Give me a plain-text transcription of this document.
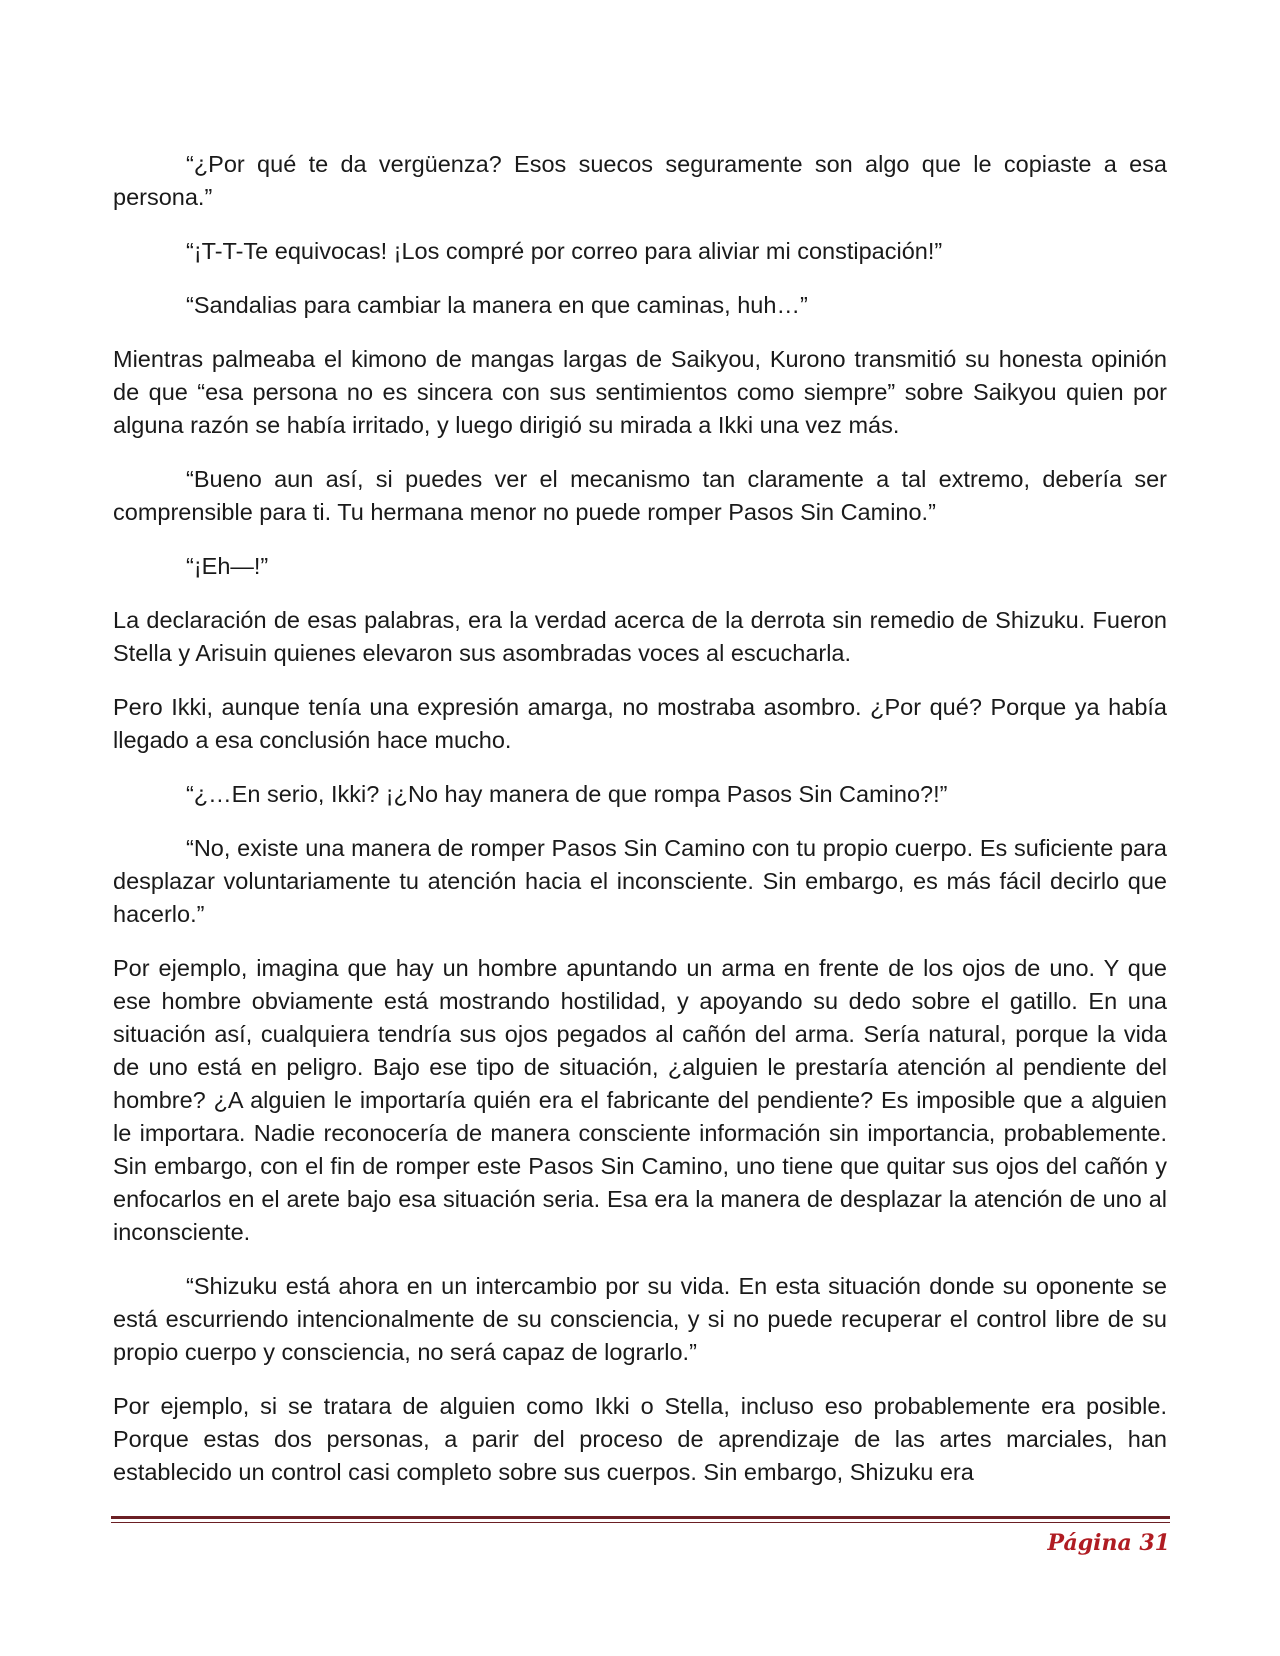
“¿Por qué te da vergüenza? Esos suecos seguramente son algo que le copiaste a esa persona.”

“¡T-T-Te equivocas! ¡Los compré por correo para aliviar mi constipación!”

“Sandalias para cambiar la manera en que caminas, huh…”

Mientras palmeaba el kimono de mangas largas de Saikyou, Kurono transmitió su honesta opinión de que “esa persona no es sincera con sus sentimientos como siempre” sobre Saikyou quien por alguna razón se había irritado, y luego dirigió su mirada a Ikki una vez más.

“Bueno aun así, si puedes ver el mecanismo tan claramente a tal extremo, debería ser comprensible para ti. Tu hermana menor no puede romper Pasos Sin Camino.”

“¡Eh—!”

La declaración de esas palabras, era la verdad acerca de la derrota sin remedio de Shizuku. Fueron Stella y Arisuin quienes elevaron sus asombradas voces al escucharla.

Pero Ikki, aunque tenía una expresión amarga, no mostraba asombro. ¿Por qué? Porque ya había llegado a esa conclusión hace mucho.

“¿…En serio, Ikki? ¡¿No hay manera de que rompa Pasos Sin Camino?!”

“No, existe una manera de romper Pasos Sin Camino con tu propio cuerpo. Es suficiente para desplazar voluntariamente tu atención hacia el inconsciente. Sin embargo, es más fácil decirlo que hacerlo.”

Por ejemplo, imagina que hay un hombre apuntando un arma en frente de los ojos de uno. Y que ese hombre obviamente está mostrando hostilidad, y apoyando su dedo sobre el gatillo. En una situación así, cualquiera tendría sus ojos pegados al cañón del arma. Sería natural, porque la vida de uno está en peligro. Bajo ese tipo de situación, ¿alguien le prestaría atención al pendiente del hombre? ¿A alguien le importaría quién era el fabricante del pendiente? Es imposible que a alguien le importara. Nadie reconocería de manera consciente información sin importancia, probablemente. Sin embargo, con el fin de romper este Pasos Sin Camino, uno tiene que quitar sus ojos del cañón y enfocarlos en el arete bajo esa situación seria. Esa era la manera de desplazar la atención de uno al inconsciente.

“Shizuku está ahora en un intercambio por su vida. En esta situación donde su oponente se está escurriendo intencionalmente de su consciencia, y si no puede recuperar el control libre de su propio cuerpo y consciencia, no será capaz de lograrlo.”

Por ejemplo, si se tratara de alguien como Ikki o Stella, incluso eso probablemente era posible. Porque estas dos personas, a parir del proceso de aprendizaje de las artes marciales, han establecido un control casi completo sobre sus cuerpos. Sin embargo, Shizuku era

Página 31
